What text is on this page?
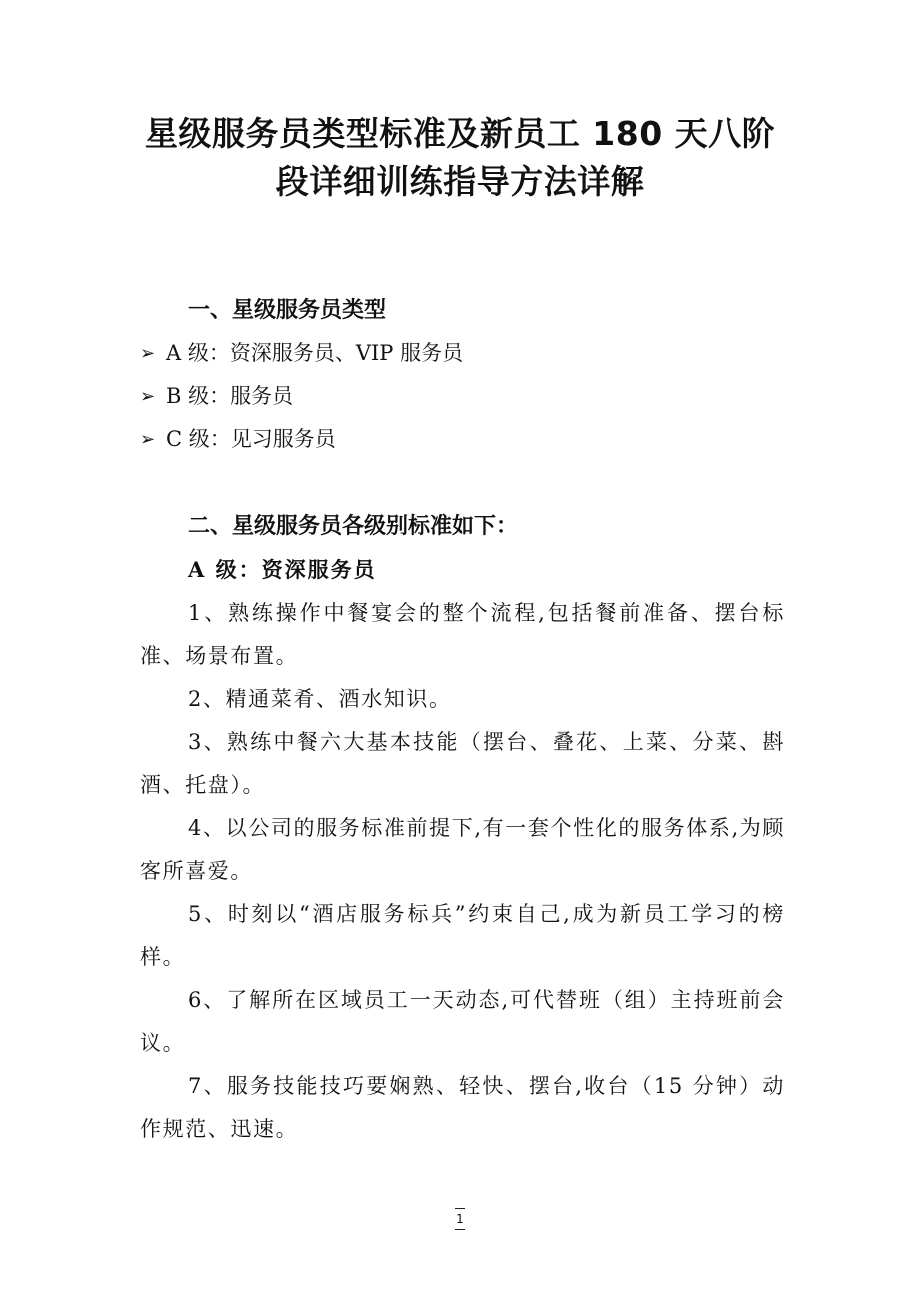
星级服务员类型标准及新员工 180 天八阶
段详细训练指导方法详解
一、星级服务员类型
➢ A 级：资深服务员、VIP 服务员
➢ B 级：服务员
➢ C 级：见习服务员
二、星级服务员各级别标准如下：
A 级：资深服务员
1、熟练操作中餐宴会的整个流程,包括餐前准备、摆台标准、场景布置。
2、精通菜肴、酒水知识。
3、熟练中餐六大基本技能（摆台、叠花、上菜、分菜、斟酒、托盘）。
4、以公司的服务标准前提下,有一套个性化的服务体系,为顾客所喜爱。
5、时刻以“酒店服务标兵”约束自己,成为新员工学习的榜样。
6、了解所在区域员工一天动态,可代替班（组）主持班前会议。
7、服务技能技巧要娴熟、轻快、摆台,收台（15 分钟）动作规范、迅速。
1
